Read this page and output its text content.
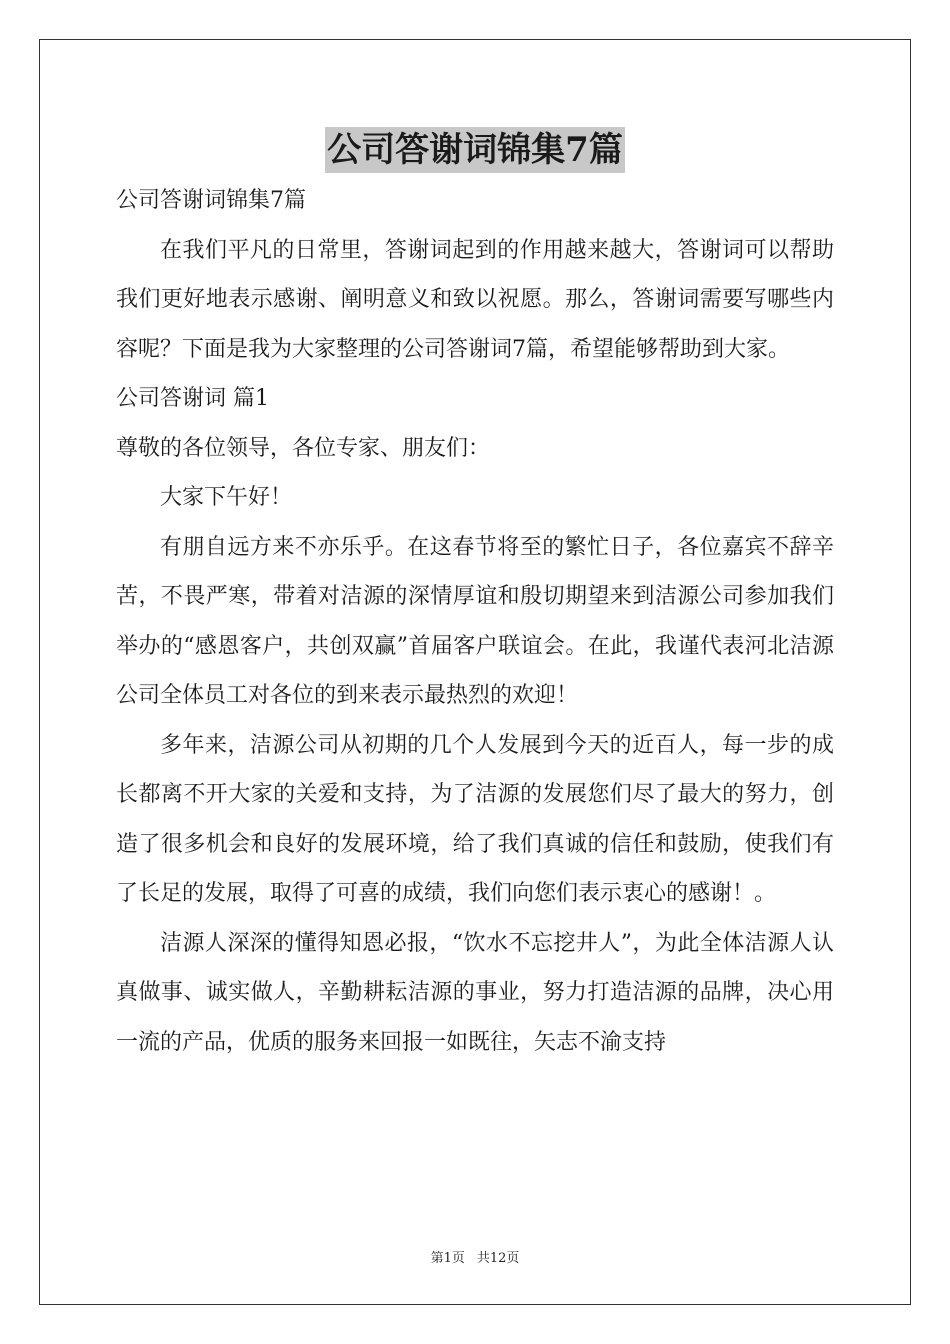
公司答谢词锦集7篇

公司答谢词锦集7篇

在我们平凡的日常里，答谢词起到的作用越来越大，答谢词可以帮助我们更好地表示感谢、阐明意义和致以祝愿。那么，答谢词需要写哪些内容呢？下面是我为大家整理的公司答谢词7篇，希望能够帮助到大家。

公司答谢词 篇1

尊敬的各位领导，各位专家、朋友们：

大家下午好！

有朋自远方来不亦乐乎。在这春节将至的繁忙日子，各位嘉宾不辞辛苦，不畏严寒，带着对洁源的深情厚谊和殷切期望来到洁源公司参加我们举办的“感恩客户，共创双赢”首届客户联谊会。在此，我谨代表河北洁源公司全体员工对各位的到来表示最热烈的欢迎！

多年来，洁源公司从初期的几个人发展到今天的近百人，每一步的成长都离不开大家的关爱和支持，为了洁源的发展您们尽了最大的努力，创造了很多机会和良好的发展环境，给了我们真诚的信任和鼓励，使我们有了长足的发展，取得了可喜的成绩，我们向您们表示衷心的感谢！。

洁源人深深的懂得知恩必报，“饮水不忘挖井人”，为此全体洁源人认真做事、诚实做人，辛勤耕耘洁源的事业，努力打造洁源的品牌，决心用一流的产品，优质的服务来回报一如既往，矢志不渝支持

第1页 共12页
